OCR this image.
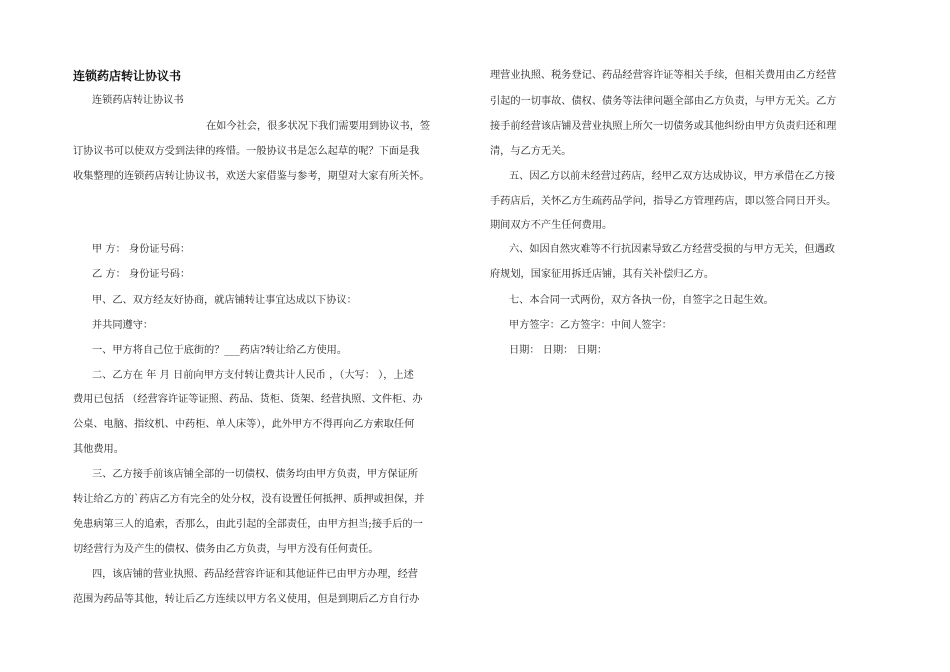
连锁药店转让协议书
连锁药店转让协议书
在如今社会，很多状况下我们需要用到协议书，签
订协议书可以使双方受到法律的疼惜。一般协议书是怎么起草的呢？下面是我
收集整理的连锁药店转让协议书，欢送大家借鉴与参考，期望对大家有所关怀。
甲 方： 身份证号码：
乙 方： 身份证号码：
甲、乙、双方经友好协商，就店铺转让事宜达成以下协议：
并共同遵守：
一、甲方将自己位于底街的？___药店?转让给乙方使用。
二、乙方在 年 月 日前向甲方支付转让费共计人民币 ，（大写： ），上述
费用已包括 （经营容许证等证照、药品、货柜、货架、经营执照、文件柜、办
公桌、电脑、指纹机、中药柜、单人床等），此外甲方不得再向乙方索取任何
其他费用。
三、乙方接手前该店铺全部的一切债权、债务均由甲方负责，甲方保证所
转让给乙方的`药店乙方有完全的处分权，没有设置任何抵押、质押或担保，并
免患病第三人的追索，否那么，由此引起的全部责任，由甲方担当;接手后的一
切经营行为及产生的债权、债务由乙方负责，与甲方没有任何责任。
四，该店铺的营业执照、药品经营容许证和其他证件已由甲方办理，经营
范围为药品等其他，转让后乙方连续以甲方名义使用，但是到期后乙方自行办
理营业执照、税务登记、药品经营容许证等相关手续，但相关费用由乙方经营
引起的一切事故、债权、债务等法律问题全部由乙方负责，与甲方无关。乙方
接手前经营该店铺及营业执照上所欠一切债务或其他纠纷由甲方负责归还和理
清，与乙方无关。
五、因乙方以前未经营过药店，经甲乙双方达成协议，甲方承借在乙方接
手药店后，关怀乙方生疏药品学问，指导乙方管理药店，即以签合同日开头。
期间双方不产生任何费用。
六、如因自然灾难等不行抗因素导致乙方经营受损的与甲方无关，但遇政
府规划，国家征用拆迁店铺，其有关补偿归乙方。
七、本合同一式两份，双方各执一份，自签字之日起生效。
甲方签字：乙方签字：中间人签字：
日期： 日期： 日期：
